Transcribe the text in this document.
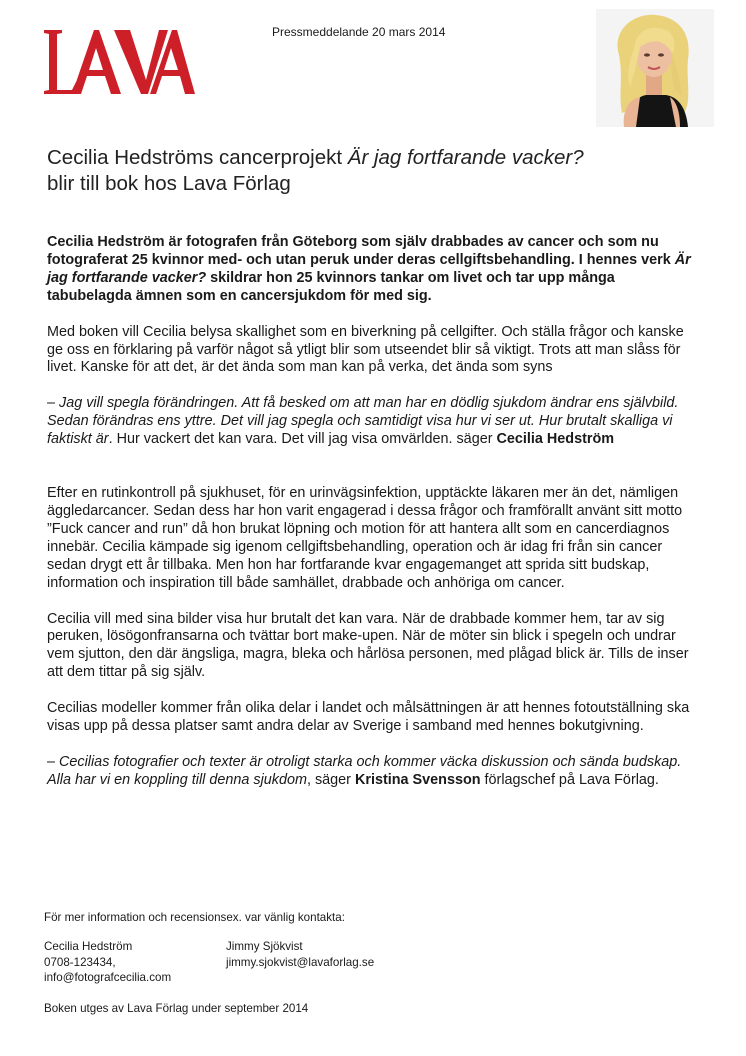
Pressmeddelande 20 mars 2014
Cecilia Hedströms cancerprojekt Är jag fortfarande vacker?
blir till bok hos Lava Förlag

Cecilia Hedström är fotografen från Göteborg som själv drabbades av cancer och som nu fotograferat 25 kvinnor med- och utan peruk under deras cellgiftsbehandling. I hennes verk Är jag fortfarande vacker? skildrar hon 25 kvinnors tankar om livet och tar upp många tabubelagda ämnen som en cancersjukdom för med sig.

Med boken vill Cecilia belysa skallighet som en biverkning på cellgifter. Och ställa frågor och kanske ge oss en förklaring på varför något så ytligt blir som utseendet blir så viktigt. Trots att man slåss för livet. Kanske för att det, är det ända som man kan på verka, det ända som syns

– Jag vill spegla förändringen. Att få besked om att man har en dödlig sjukdom ändrar ens självbild. Sedan förändras ens yttre. Det vill jag spegla och samtidigt visa hur vi ser ut. Hur brutalt skalliga vi faktiskt är. Hur vackert det kan vara. Det vill jag visa omvärlden. säger Cecilia Hedström

Efter en rutinkontroll på sjukhuset, för en urinvägsinfektion, upptäckte läkaren mer än det, nämligen äggledarcancer. Sedan dess har hon varit engagerad i dessa frågor och framförallt använt sitt motto ”Fuck cancer and run” då hon brukat löpning och motion för att hantera allt som en cancerdiagnos innebär. Cecilia kämpade sig igenom cellgiftsbehandling, operation och är idag fri från sin cancer sedan drygt ett år tillbaka. Men hon har fortfarande kvar engagemanget att sprida sitt budskap, information och inspiration till både samhället, drabbade och anhöriga om cancer.

Cecilia vill med sina bilder visa hur brutalt det kan vara. När de drabbade kommer hem, tar av sig peruken, lösögonfransarna och tvättar bort make-upen. När de möter sin blick i spegeln och undrar vem sjutton, den där ängsliga, magra, bleka och hårlösa personen, med plågad blick är. Tills de inser att dem tittar på sig själv.

Cecilias modeller kommer från olika delar i landet och målsättningen är att hennes fotoutställning ska visas upp på dessa platser samt andra delar av Sverige i samband med hennes bokutgivning.

– Cecilias fotografier och texter är otroligt starka och kommer väcka diskussion och sända budskap. Alla har vi en koppling till denna sjukdom, säger Kristina Svensson förlagschef på Lava Förlag.

För mer information och recensionsex. var vänlig kontakta:
Cecilia Hedström
0708-123434,
info@fotografcecilia.com
Jimmy Sjökvist
jimmy.sjokvist@lavaforlag.se
Boken utges av Lava Förlag under september 2014
